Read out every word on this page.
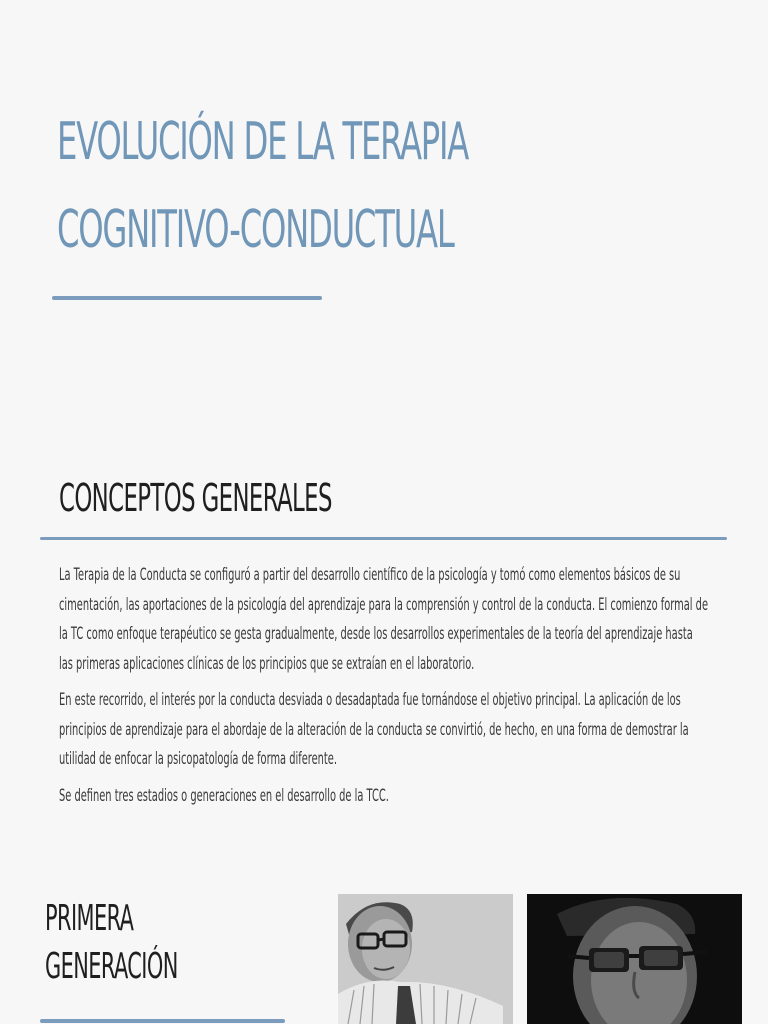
EVOLUCIÓN DE LA TERAPIA
COGNITIVO-CONDUCTUAL
CONCEPTOS GENERALES

La Terapia de la Conducta se configuró a partir del desarrollo científico de la psicología y tomó como elementos básicos de su cimentación, las aportaciones de la psicología del aprendizaje para la comprensión y control de la conducta. El comienzo formal de la TC como enfoque terapéutico se gesta gradualmente, desde los desarrollos experimentales de la teoría del aprendizaje hasta las primeras aplicaciones clínicas de los principios que se extraían en el laboratorio.

En este recorrido, el interés por la conducta desviada o desadaptada fue tornándose el objetivo principal. La aplicación de los principios de aprendizaje para el abordaje de la alteración de la conducta se convirtió, de hecho, en una forma de demostrar la utilidad de enfocar la psicopatología de forma diferente.

Se definen tres estadios o generaciones en el desarrollo de la TCC.

PRIMERA
GENERACIÓN
